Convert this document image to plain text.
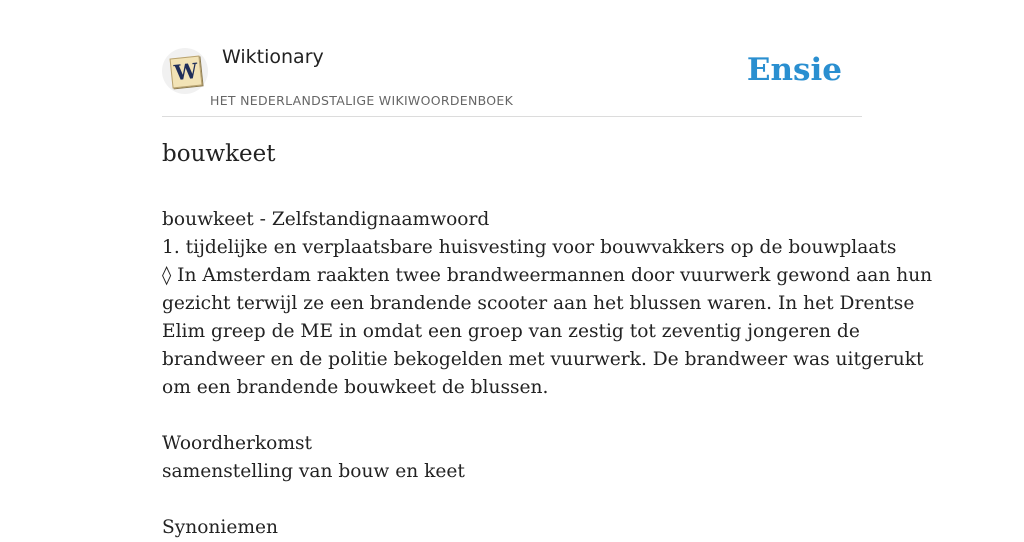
W
Wiktionary
HET NEDERLANDSTALIGE WIKIWOORDENBOEK
Ensie
bouwkeet
bouwkeet - Zelfstandignaamwoord
1. tijdelijke en verplaatsbare huisvesting voor bouwvakkers op de bouwplaats
◊ In Amsterdam raakten twee brandweermannen door vuurwerk gewond aan hun
gezicht terwijl ze een brandende scooter aan het blussen waren. In het Drentse
Elim greep de ME in omdat een groep van zestig tot zeventig jongeren de
brandweer en de politie bekogelden met vuurwerk. De brandweer was uitgerukt
om een brandende bouwkeet de blussen.
Woordherkomst
samenstelling van bouw en keet
Synoniemen
